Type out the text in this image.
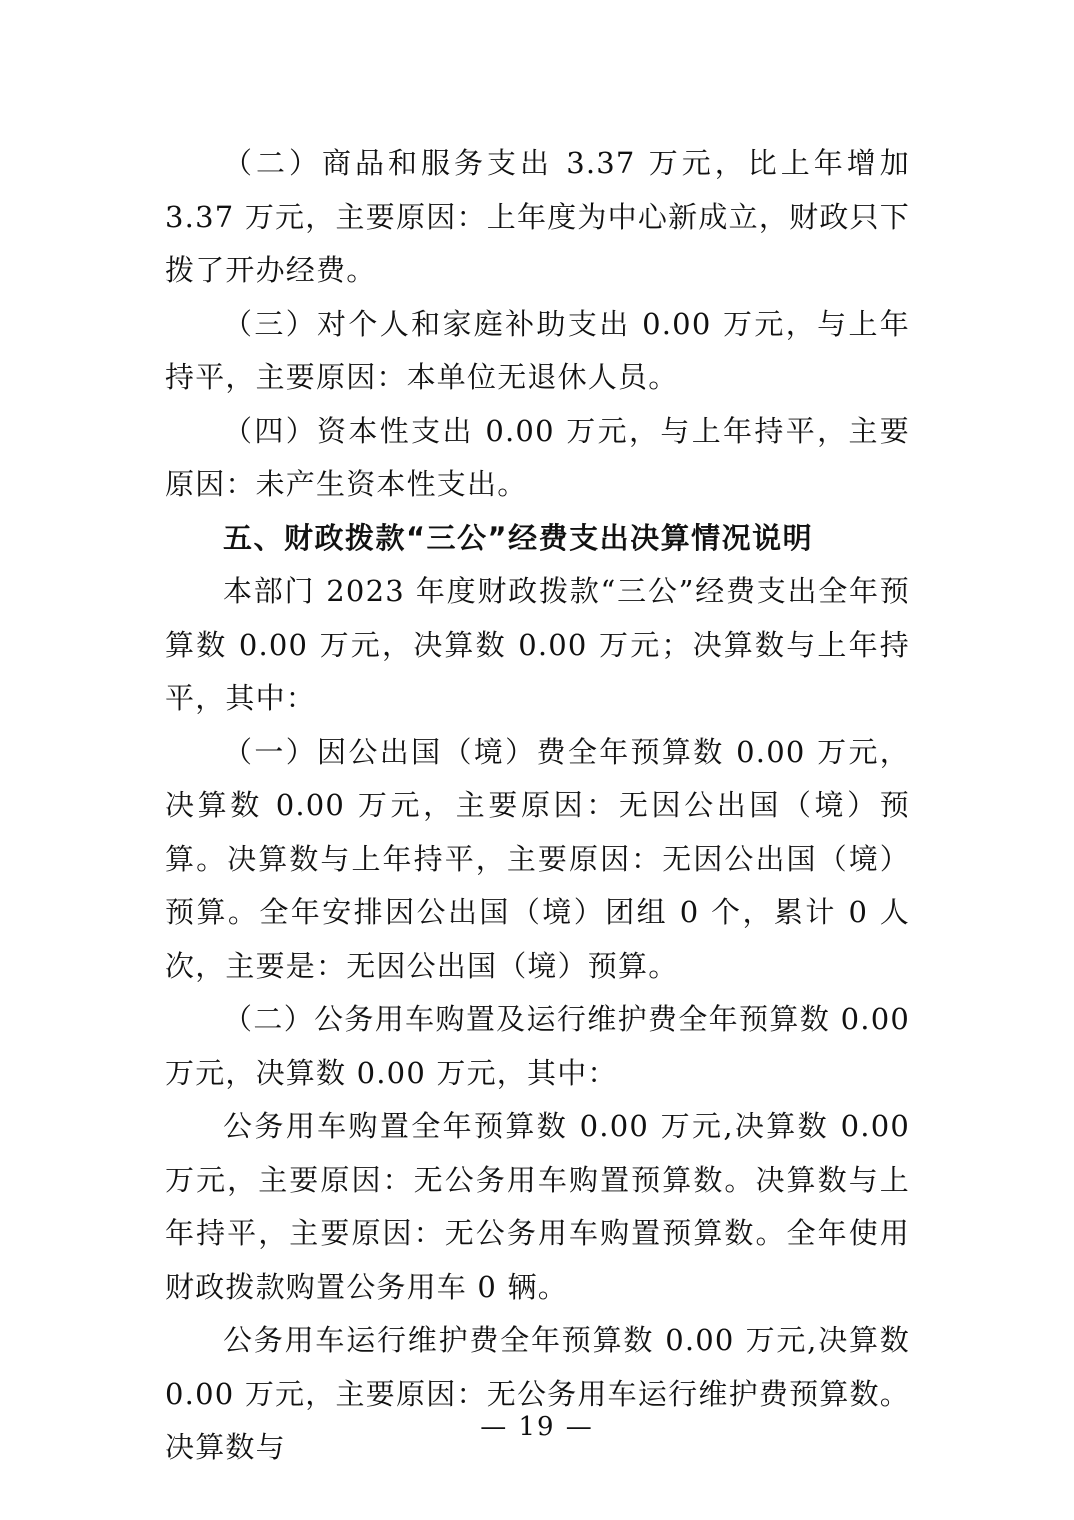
（二）商品和服务支出 3.37 万元，比上年增加 3.37 万元，主要原因：上年度为中心新成立，财政只下拨了开办经费。

（三）对个人和家庭补助支出 0.00 万元，与上年持平，主要原因：本单位无退休人员。

（四）资本性支出 0.00 万元，与上年持平，主要原因：未产生资本性支出。

五、财政拨款“三公”经费支出决算情况说明

本部门 2023 年度财政拨款“三公”经费支出全年预算数 0.00 万元，决算数 0.00 万元；决算数与上年持平，其中：

（一）因公出国（境）费全年预算数 0.00 万元，决算数 0.00 万元，主要原因：无因公出国（境）预算。决算数与上年持平，主要原因：无因公出国（境）预算。全年安排因公出国（境）团组 0 个，累计 0 人次，主要是：无因公出国（境）预算。

（二）公务用车购置及运行维护费全年预算数 0.00 万元，决算数 0.00 万元，其中：

公务用车购置全年预算数 0.00 万元,决算数 0.00 万元，主要原因：无公务用车购置预算数。决算数与上年持平，主要原因：无公务用车购置预算数。全年使用财政拨款购置公务用车 0 辆。

公务用车运行维护费全年预算数 0.00 万元,决算数 0.00 万元，主要原因：无公务用车运行维护费预算数。决算数与

— 19 —
